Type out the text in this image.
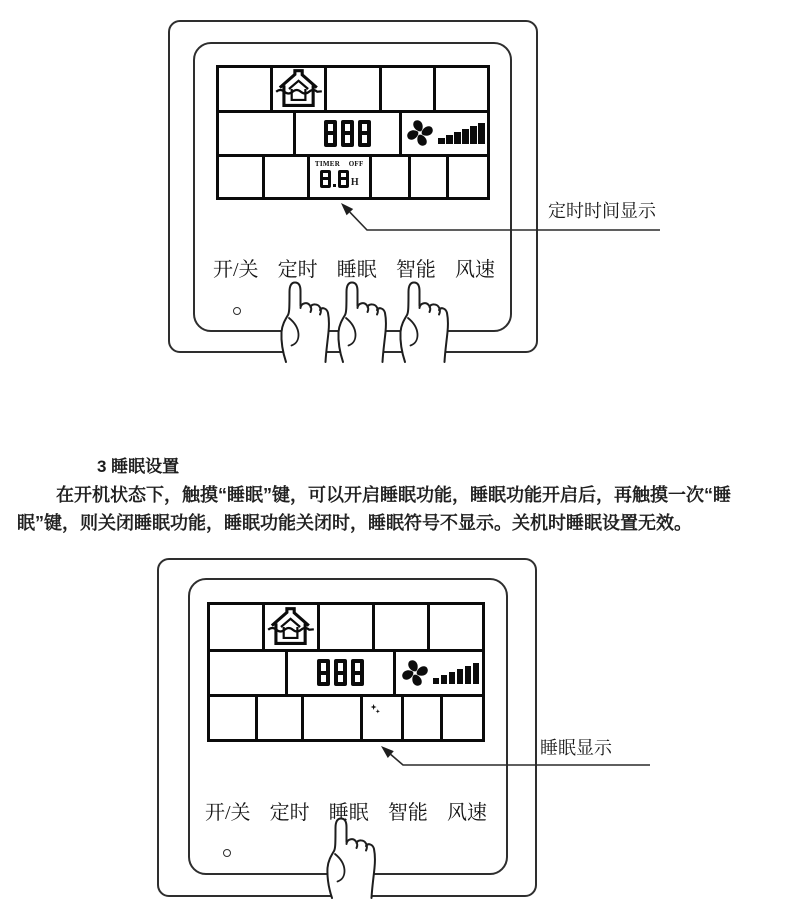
TIMER OFF
H
开/关 定时 睡眠 智能 风速
定时时间显示
3 睡眠设置
在开机状态下，触摸“睡眠”键，可以开启睡眠功能，睡眠功能开启后，再触摸一次“睡
眠”键，则关闭睡眠功能，睡眠功能关闭时，睡眠符号不显示。关机时睡眠设置无效。
开/关 定时 睡眠 智能 风速
睡眠显示
